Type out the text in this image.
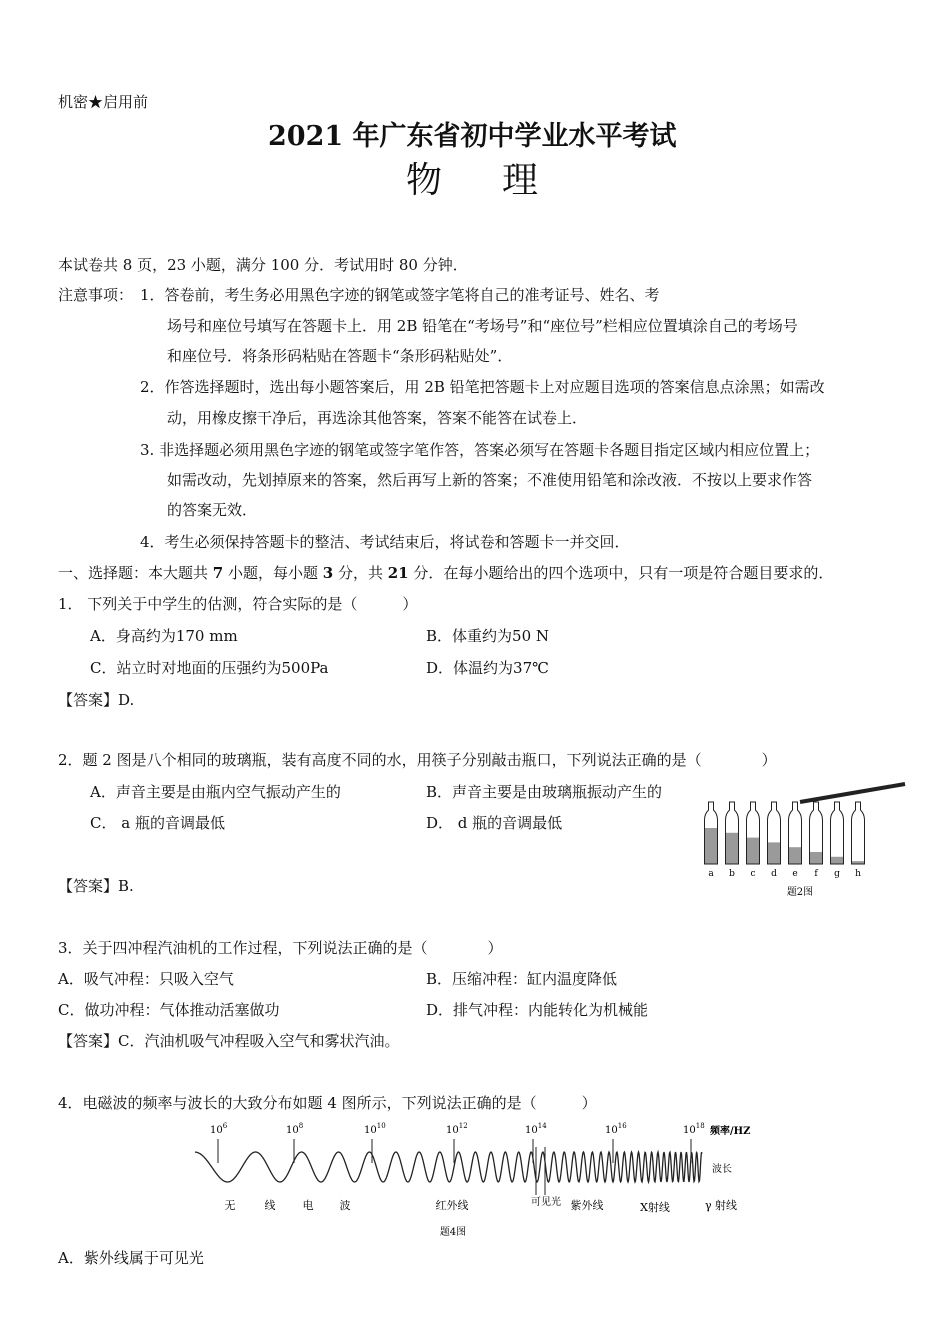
机密★启用前
2021 年广东省初中学业水平考试
物理
本试卷共 8 页，23 小题，满分 100 分．考试用时 80 分钟．
注意事项： 1．答卷前，考生务必用黑色字迹的钢笔或签字笔将自己的准考证号、姓名、考
场号和座位号填写在答题卡上．用 2B 铅笔在“考场号”和“座位号”栏相应位置填涂自己的考场号
和座位号．将条形码粘贴在答题卡“条形码粘贴处”．
2．作答选择题时，选出每小题答案后，用 2B 铅笔把答题卡上对应题目选项的答案信息点涂黑；如需改
动，用橡皮擦干净后，再选涂其他答案，答案不能答在试卷上．
3. 非选择题必须用黑色字迹的钢笔或签字笔作答，答案必须写在答题卡各题目指定区域内相应位置上；
如需改动，先划掉原来的答案，然后再写上新的答案；不准使用铅笔和涂改液．不按以上要求作答
的答案无效．
4．考生必须保持答题卡的整洁、考试结束后，将试卷和答题卡一并交回．
一、选择题：本大题共 7 小题，每小题 3 分，共 21 分．在每小题给出的四个选项中，只有一项是符合题目要求的．
1． 下列关于中学生的估测，符合实际的是（　　　）
A．身高约为170 mm	B．体重约为50 N
C．站立时对地面的压强约为500Pa	D．体温约为37℃
【答案】D.
2．题 2 图是八个相同的玻璃瓶，装有高度不同的水，用筷子分别敲击瓶口，下列说法正确的是（　　　　）
A．声音主要是由瓶内空气振动产生的	B．声音主要是由玻璃瓶振动产生的
C． a 瓶的音调最低	D． d 瓶的音调最低
【答案】B.
a b c d e f g h
题2图
3．关于四冲程汽油机的工作过程，下列说法正确的是（　　　　）
A．吸气冲程：只吸入空气	B．压缩冲程：缸内温度降低
C．做功冲程：气体推动活塞做功	D．排气冲程：内能转化为机械能
【答案】C．汽油机吸气冲程吸入空气和雾状汽油。
4．电磁波的频率与波长的大致分布如题 4 图所示，下列说法正确的是（　　　）
$10^6$	$10^8$	$10^{10}$	$10^{12}$	$10^{14}$	$10^{16}$	$10^{18}$ 频率/HZ
波长
无	线 电 波	红外线	可见光 紫外线	X射线	γ 射线
题4图
A．紫外线属于可见光
